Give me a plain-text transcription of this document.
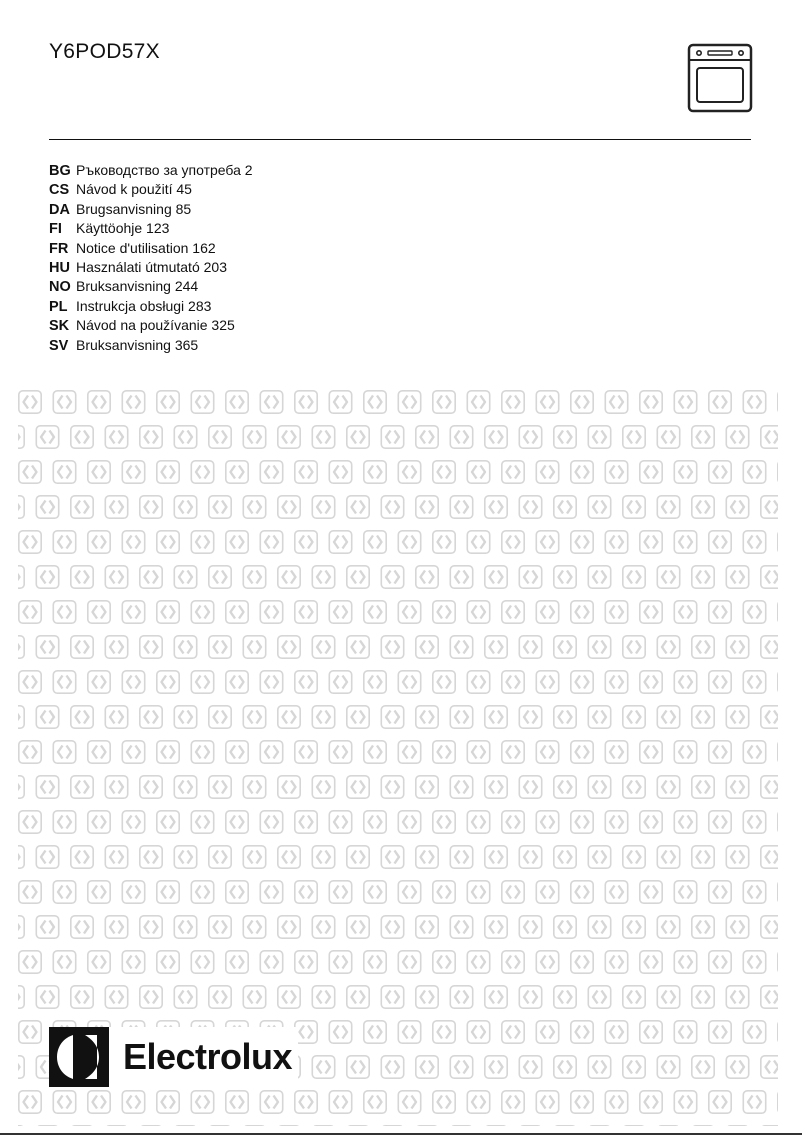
Y6POD57X
BG Ръководство за употреба 2
CS Návod k použití 45
DA Brugsanvisning 85
FI Käyttöohje 123
FR Notice d'utilisation 162
HU Használati útmutató 203
NO Bruksanvisning 244
PL Instrukcja obsługi 283
SK Návod na používanie 325
SV Bruksanvisning 365
Electrolux
